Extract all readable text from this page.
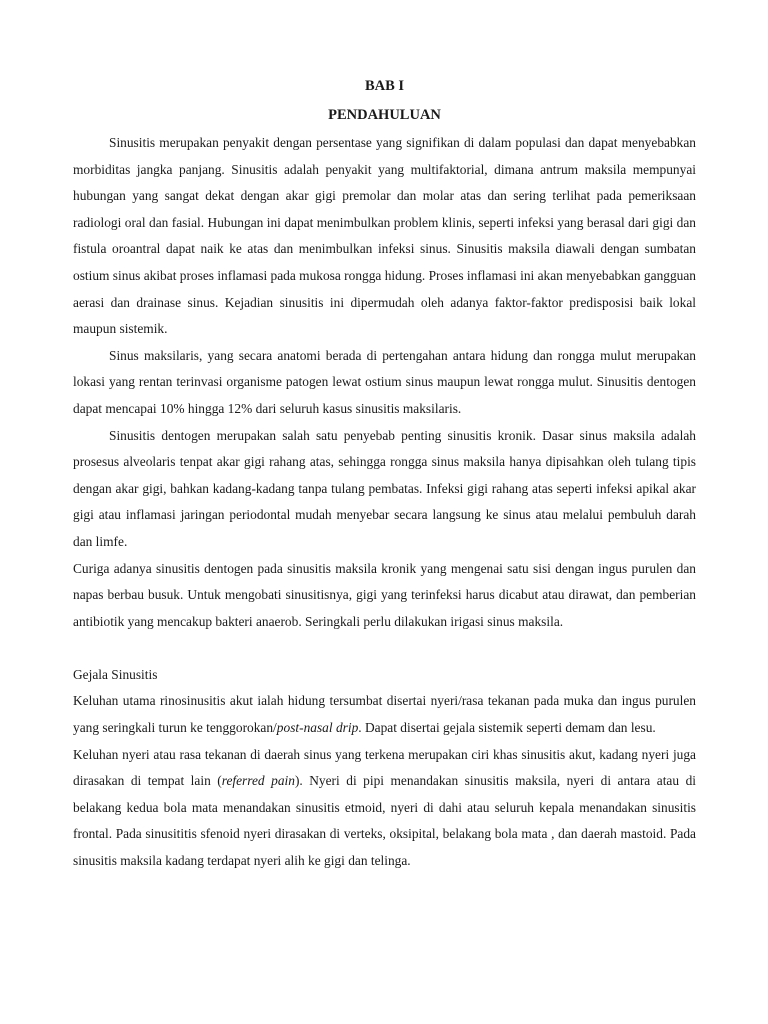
BAB I

PENDAHULUAN

Sinusitis merupakan penyakit dengan persentase yang signifikan di dalam populasi dan dapat menyebabkan morbiditas jangka panjang. Sinusitis adalah penyakit yang multifaktorial, dimana antrum maksila mempunyai hubungan yang sangat dekat dengan akar gigi premolar dan molar atas dan sering terlihat pada pemeriksaan radiologi oral dan fasial. Hubungan ini dapat menimbulkan problem klinis, seperti infeksi yang berasal dari gigi dan fistula oroantral dapat naik ke atas dan menimbulkan infeksi sinus. Sinusitis maksila diawali dengan sumbatan ostium sinus akibat proses inflamasi pada mukosa rongga hidung. Proses inflamasi ini akan menyebabkan gangguan aerasi dan drainase sinus. Kejadian sinusitis ini dipermudah oleh adanya faktor-faktor predisposisi baik lokal maupun sistemik.

Sinus maksilaris, yang secara anatomi berada di pertengahan antara hidung dan rongga mulut merupakan lokasi yang rentan terinvasi organisme patogen lewat ostium sinus maupun lewat rongga mulut. Sinusitis dentogen dapat mencapai 10% hingga 12% dari seluruh kasus sinusitis maksilaris.

Sinusitis dentogen merupakan salah satu penyebab penting sinusitis kronik. Dasar sinus maksila adalah prosesus alveolaris tenpat akar gigi rahang atas, sehingga rongga sinus maksila hanya dipisahkan oleh tulang tipis dengan akar gigi, bahkan kadang-kadang tanpa tulang pembatas. Infeksi gigi rahang atas seperti infeksi apikal akar gigi atau inflamasi jaringan periodontal mudah menyebar secara langsung ke sinus atau melalui pembuluh darah dan limfe.

Curiga adanya sinusitis dentogen pada sinusitis maksila kronik yang mengenai satu sisi dengan ingus purulen dan napas berbau busuk. Untuk mengobati sinusitisnya, gigi yang terinfeksi harus dicabut atau dirawat, dan pemberian antibiotik yang mencakup bakteri anaerob. Seringkali perlu dilakukan irigasi sinus maksila.

Gejala Sinusitis

Keluhan utama rinosinusitis akut ialah hidung tersumbat disertai nyeri/rasa tekanan pada muka dan ingus purulen yang seringkali turun ke tenggorokan/post-nasal drip. Dapat disertai gejala sistemik seperti demam dan lesu.

Keluhan nyeri atau rasa tekanan di daerah sinus yang terkena merupakan ciri khas sinusitis akut, kadang nyeri juga dirasakan di tempat lain (referred pain). Nyeri di pipi menandakan sinusitis maksila, nyeri di antara atau di belakang kedua bola mata menandakan sinusitis etmoid, nyeri di dahi atau seluruh kepala menandakan sinusitis frontal. Pada sinusititis sfenoid nyeri dirasakan di verteks, oksipital, belakang bola mata , dan daerah mastoid. Pada sinusitis maksila kadang terdapat nyeri alih ke gigi dan telinga.
